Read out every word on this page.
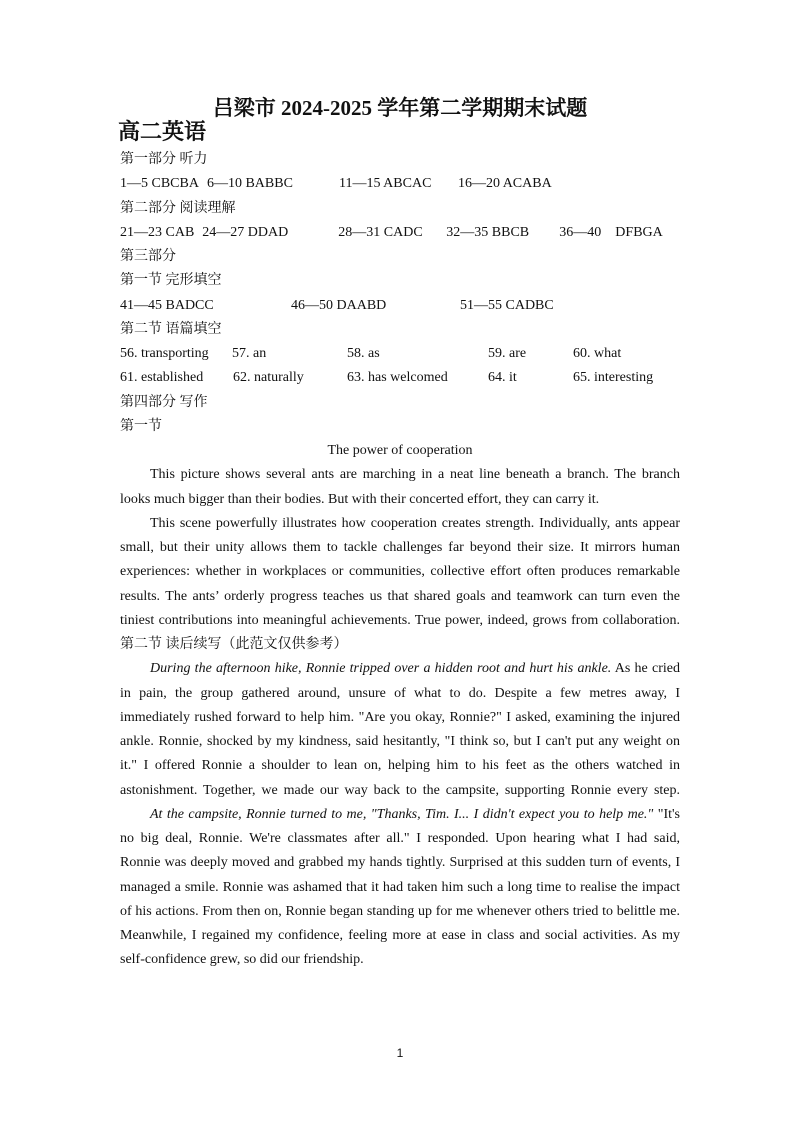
吕梁市 2024-2025 学年第二学期期末试题
高二英语
第一部分 听力
1—5 CBCBA 6—10 BABBC	11—15 ABCAC	16—20 ACABA
第二部分 阅读理解
21—23 CAB 24—27 DDAD	28—31 CADC	32—35 BBCB	36—40	DFBGA
第三部分
第一节 完形填空
41—45 BADCC	46—50 DAABD	51—55 CADBC
第二节 语篇填空
56. transporting	57. an	58. as	59. are	60. what
61. established	62. naturally	63. has welcomed	64. it	65. interesting
第四部分 写作
第一节
The power of cooperation
This picture shows several ants are marching in a neat line beneath a branch. The branch
looks much bigger than their bodies. But with their concerted effort, they can carry it.
This scene powerfully illustrates how cooperation creates strength. Individually, ants appear
small, but their unity allows them to tackle challenges far beyond their size. It mirrors human
experiences: whether in workplaces or communities, collective effort often produces remarkable
results. The ants’ orderly progress teaches us that shared goals and teamwork can turn even the
tiniest contributions into meaningful achievements. True power, indeed, grows from collaboration.
第二节 读后续写（此范文仅供参考）
During the afternoon hike, Ronnie tripped over a hidden root and hurt his ankle. As he cried
in pain, the group gathered around, unsure of what to do. Despite a few metres away, I
immediately rushed forward to help him. "Are you okay, Ronnie?" I asked, examining the injured
ankle. Ronnie, shocked by my kindness, said hesitantly, "I think so, but I can't put any weight on
it." I offered Ronnie a shoulder to lean on, helping him to his feet as the others watched in
astonishment. Together, we made our way back to the campsite, supporting Ronnie every step.
At the campsite, Ronnie turned to me, "Thanks, Tim. I... I didn't expect you to help me." "It's
no big deal, Ronnie. We're classmates after all." I responded. Upon hearing what I had said,
Ronnie was deeply moved and grabbed my hands tightly. Surprised at this sudden turn of events, I
managed a smile. Ronnie was ashamed that it had taken him such a long time to realise the impact
of his actions. From then on, Ronnie began standing up for me whenever others tried to belittle me.
Meanwhile, I regained my confidence, feeling more at ease in class and social activities. As my
self-confidence grew, so did our friendship.
1
